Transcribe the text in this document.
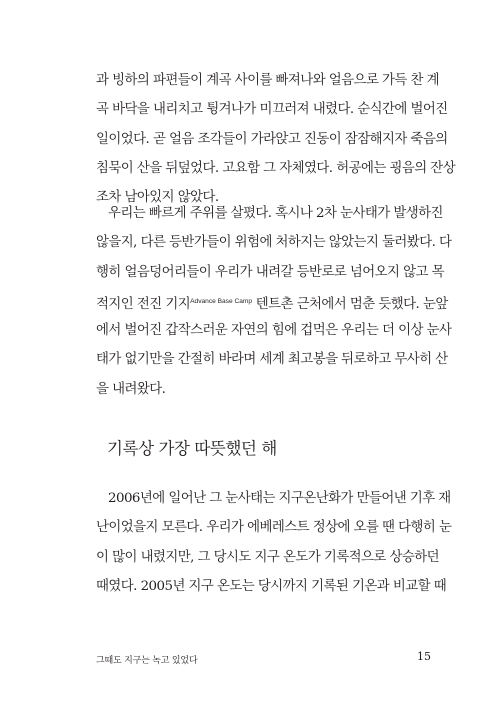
과 빙하의 파편들이 계곡 사이를 빠져나와 얼음으로 가득 찬 계
곡 바닥을 내리치고 튕겨나가 미끄러져 내렸다. 순식간에 벌어진
일이었다. 곧 얼음 조각들이 가라앉고 진동이 잠잠해지자 죽음의
침묵이 산을 뒤덮었다. 고요함 그 자체였다. 허공에는 굉음의 잔상
조차 남아있지 않았다.
우리는 빠르게 주위를 살폈다. 혹시나 2차 눈사태가 발생하진
않을지, 다른 등반가들이 위험에 처하지는 않았는지 둘러봤다. 다
행히 얼음덩어리들이 우리가 내려갈 등반로로 넘어오지 않고 목
적지인 전진 기지$^{Advance Base Camp}$ 텐트촌 근처에서 멈춘 듯했다. 눈앞
에서 벌어진 갑작스러운 자연의 힘에 겁먹은 우리는 더 이상 눈사
태가 없기만을 간절히 바라며 세계 최고봉을 뒤로하고 무사히 산
을 내려왔다.
기록상 가장 따뜻했던 해
2006년에 일어난 그 눈사태는 지구온난화가 만들어낸 기후 재
난이었을지 모른다. 우리가 에베레스트 정상에 오를 땐 다행히 눈
이 많이 내렸지만, 그 당시도 지구 온도가 기록적으로 상승하던
때였다. 2005년 지구 온도는 당시까지 기록된 기온과 비교할 때
그때도 지구는 녹고 있었다	15
